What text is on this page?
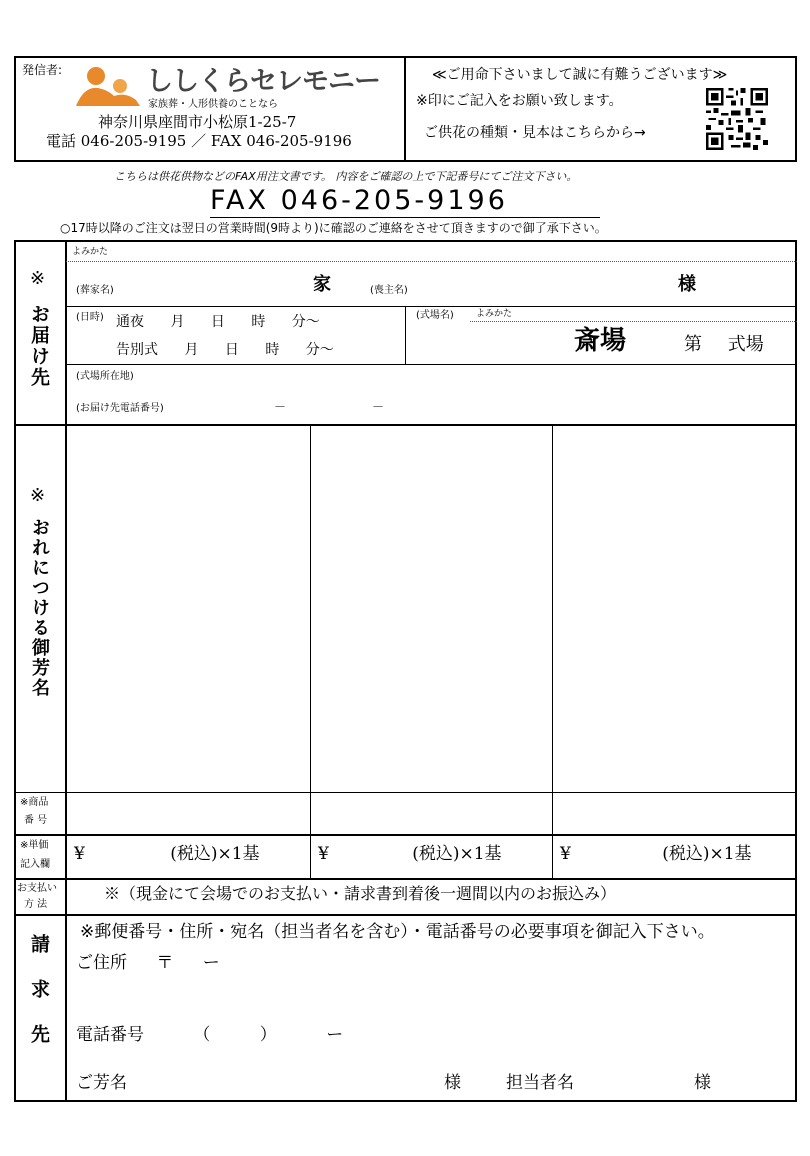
発信者:	ししくらセレモニー
家族葬・人形供養のことなら
神奈川県座間市小松原1-25-7
電話 046-205-9195 ／ FAX 046-205-9196
≪ご用命下さいまして誠に有難うございます≫
※印にご記入をお願い致します。
ご供花の種類・見本はこちらから→
こちらは供花供物などのFAX用注文書です。 内容をご確認の上で下記番号にてご注文下さい。
FAX 046-205-9196
○17時以降のご注文は翌日の営業時間(9時より)に確認のご連絡をさせて頂きますので御了承下さい。
※
お届け先
よみかた
(葬家名)	家	(喪主名)	様
(日時) 通夜 月 日 時 分〜
告別式 月 日 時 分〜
(式場名) よみかた
斎場	第 式場
(式場所在地)
(お届け先電話番号)	－	－
※
おれにつける御芳名
※商品
番 号
※単価
記入欄
¥ (税込)×1基	¥ (税込)×1基	¥ (税込)×1基
お支払い
方 法
※（現金にて会場でのお支払い・請求書到着後一週間以内のお振込み）
請求先
※郵便番号・住所・宛名（担当者名を含む）・電話番号の必要事項を御記入下さい。
ご住所 〒 ー
電話番号 （ ） ー
ご芳名	様	担当者名	様
